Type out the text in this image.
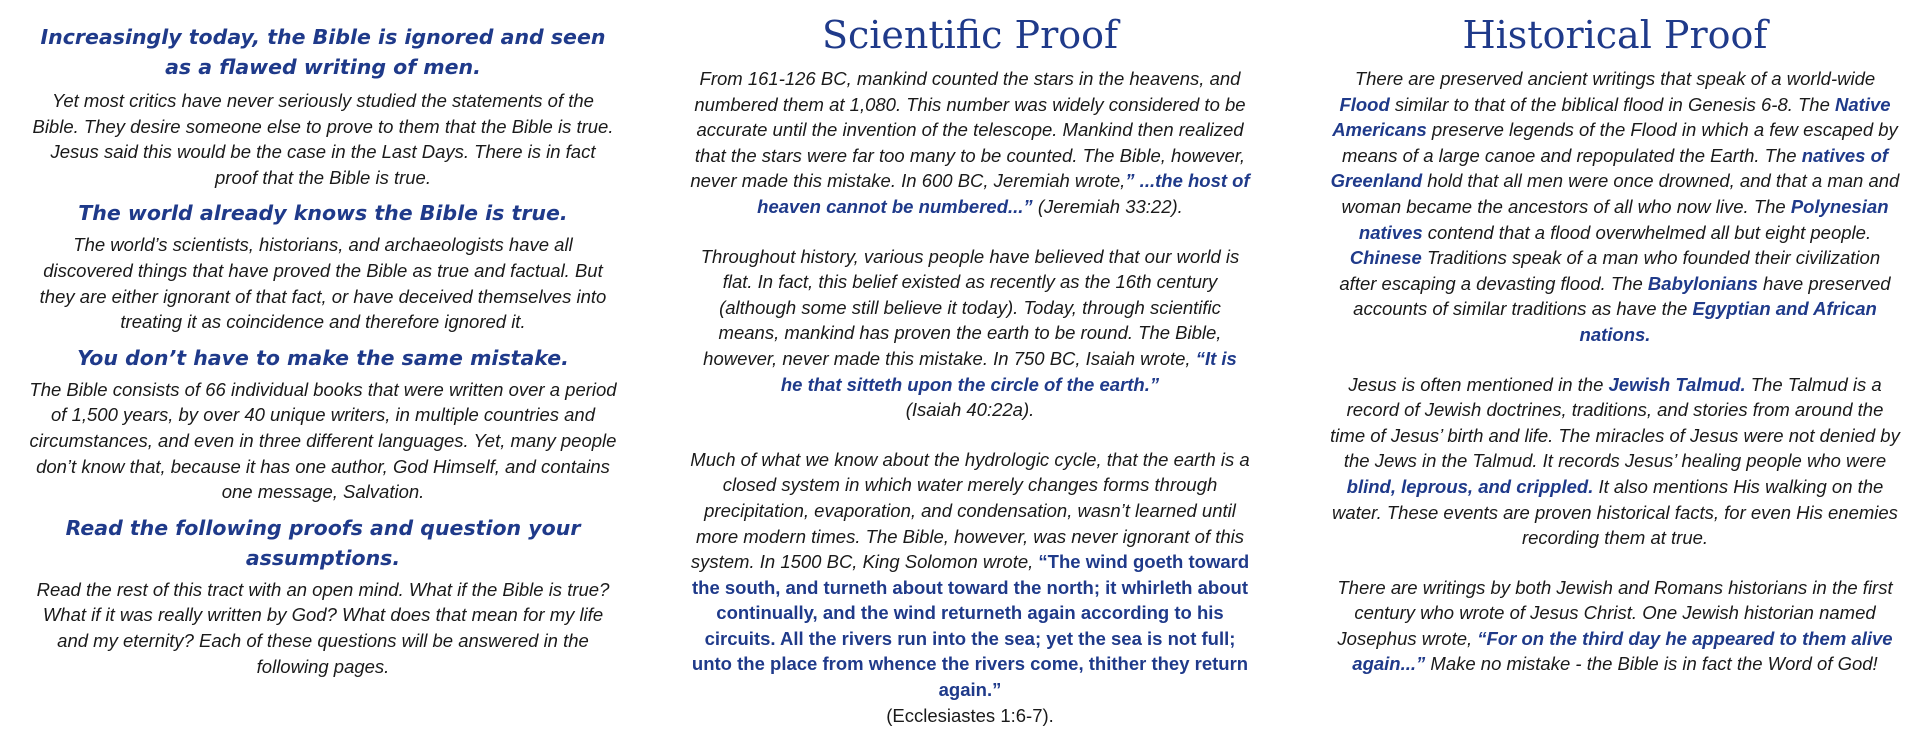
Increasingly today, the Bible is ignored and seen as a flawed writing of men.

Yet most critics have never seriously studied the statements of the Bible. They desire someone else to prove to them that the Bible is true. Jesus said this would be the case in the Last Days. There is in fact proof that the Bible is true.

The world already knows the Bible is true.

The world’s scientists, historians, and archaeologists have all discovered things that have proved the Bible as true and factual. But they are either ignorant of that fact, or have deceived themselves into treating it as coincidence and therefore ignored it.

You don’t have to make the same mistake.

The Bible consists of 66 individual books that were written over a period of 1,500 years, by over 40 unique writers, in multiple countries and circumstances, and even in three different languages. Yet, many people don’t know that, because it has one author, God Himself, and contains one message, Salvation.

Read the following proofs and question your assumptions.

Read the rest of this tract with an open mind. What if the Bible is true? What if it was really written by God? What does that mean for my life and my eternity? Each of these questions will be answered in the following pages.

Scientific Proof

From 161-126 BC, mankind counted the stars in the heavens, and numbered them at 1,080. This number was widely considered to be accurate until the invention of the telescope. Mankind then realized that the stars were far too many to be counted. The Bible, however, never made this mistake. In 600 BC, Jeremiah wrote,” ...the host of heaven cannot be numbered...” (Jeremiah 33:22).

Throughout history, various people have believed that our world is flat. In fact, this belief existed as recently as the 16th century (although some still believe it today). Today, through scientific means, mankind has proven the earth to be round. The Bible, however, never made this mistake. In 750 BC, Isaiah wrote, “It is he that sitteth upon the circle of the earth.”
(Isaiah 40:22a).

Much of what we know about the hydrologic cycle, that the earth is a closed system in which water merely changes forms through precipitation, evaporation, and condensation, wasn’t learned until more modern times. The Bible, however, was never ignorant of this system. In 1500 BC, King Solomon wrote, “The wind goeth toward the south, and turneth about toward the north; it whirleth about continually, and the wind returneth again according to his circuits. All the rivers run into the sea; yet the sea is not full; unto the place from whence the rivers come, thither they return again.”
(Ecclesiastes 1:6-7).

Historical Proof

There are preserved ancient writings that speak of a world-wide Flood similar to that of the biblical flood in Genesis 6-8. The Native Americans preserve legends of the Flood in which a few escaped by means of a large canoe and repopulated the Earth. The natives of Greenland hold that all men were once drowned, and that a man and woman became the ancestors of all who now live. The Polynesian natives contend that a flood overwhelmed all but eight people. Chinese Traditions speak of a man who founded their civilization after escaping a devasting flood. The Babylonians have preserved accounts of similar traditions as have the Egyptian and African nations.

Jesus is often mentioned in the Jewish Talmud. The Talmud is a record of Jewish doctrines, traditions, and stories from around the time of Jesus’ birth and life. The miracles of Jesus were not denied by the Jews in the Talmud. It records Jesus’ healing people who were blind, leprous, and crippled. It also mentions His walking on the water. These events are proven historical facts, for even His enemies recording them at true.

There are writings by both Jewish and Romans historians in the first century who wrote of Jesus Christ. One Jewish historian named Josephus wrote, “For on the third day he appeared to them alive again...” Make no mistake - the Bible is in fact the Word of God!
